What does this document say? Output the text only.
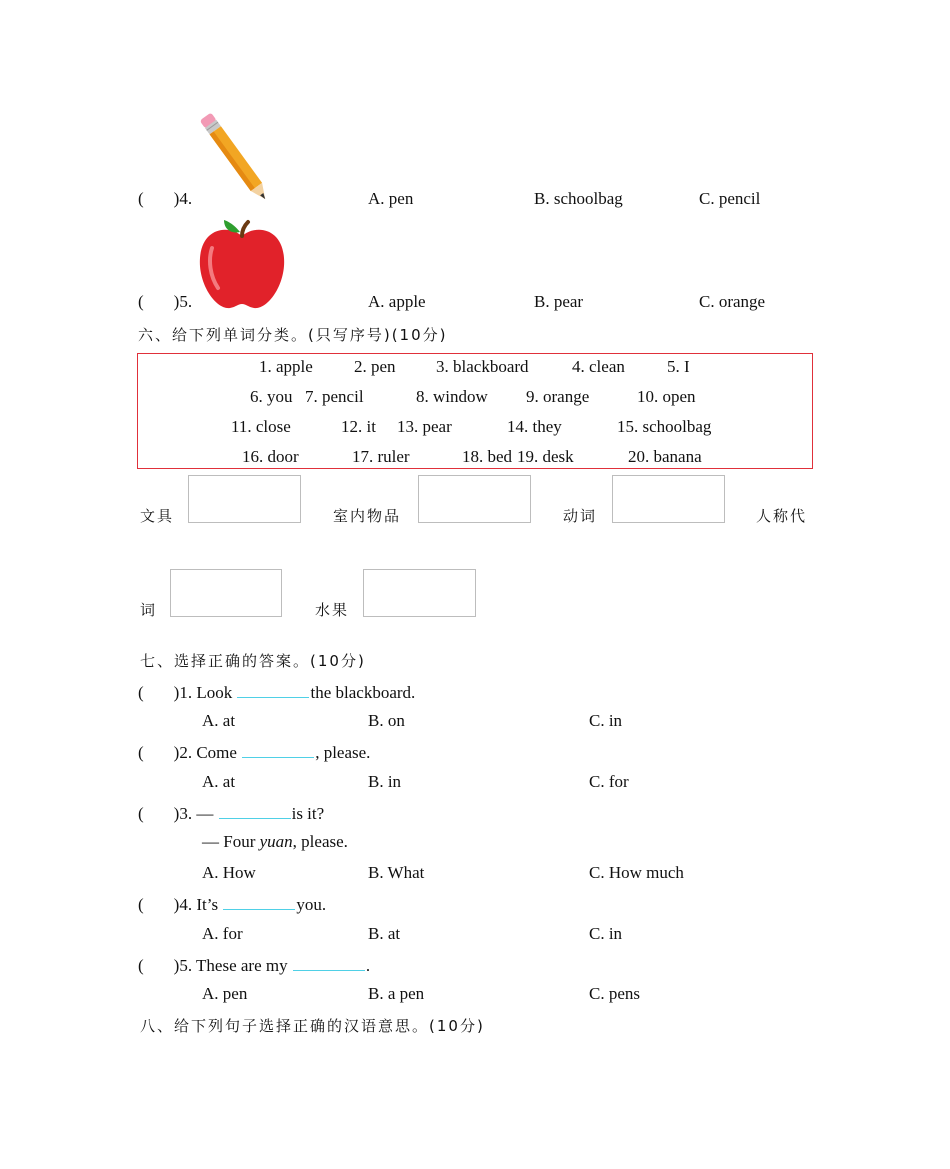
( )4.	A. pen	B. schoolbag	C. pencil
( )5.	A. apple	B. pear	C. orange
六、给下列单词分类。(只写序号)(10分)
1. apple 2. pen 3. blackboard	4. clean 5. I
6. you 7. pencil	8. window 9. orange	10. open
11. close	12. it 13. pear	14. they	15. schoolbag
16. door	17. ruler	18. bed 19. desk	20. banana
文具	室内物品	动词	人称代
词	水果
七、选择正确的答案。(10分)
( )1. Look	the blackboard.
A. at	B. on	C. in
( )2. Come	, please.
A. at	B. in	C. for
( )3. —	is it?
— Four yuan, please.
A. How	B. What	C. How much
( )4. It’s	you.
A. for	B. at	C. in
( )5. These are my	.
A. pen	B. a pen	C. pens
八、给下列句子选择正确的汉语意思。(10分)
